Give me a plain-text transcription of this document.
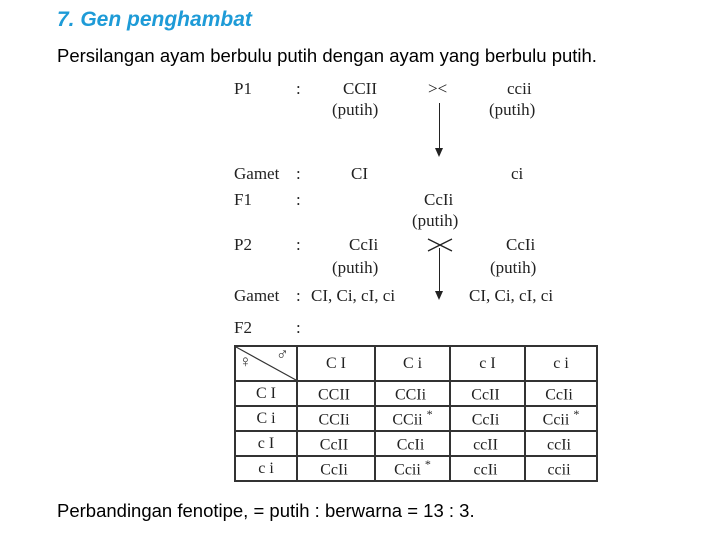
7. Gen penghambat
Persilangan ayam berbulu putih dengan ayam yang berbulu putih.
P1	: CCII	><	ccii
(putih)	(putih)
Gamet :	CI	ci
F1	:	CcIi
(putih)
P2	:	CcIi	CcIi
(putih)	(putih)
Gamet : CI, Ci, cI, ci	CI, Ci, cI, ci
F2	:
♀ ♂	C I	C i	c I	c i
C I	CCII	CCIi	CcII	CcIi
C i	CCIi	CCii *	CcIi	Ccii *
c I	CcII	CcIi	ccII	ccIi
c i	CcIi	Ccii *	ccIi	ccii
Perbandingan fenotipe, = putih : berwarna = 13 : 3.
